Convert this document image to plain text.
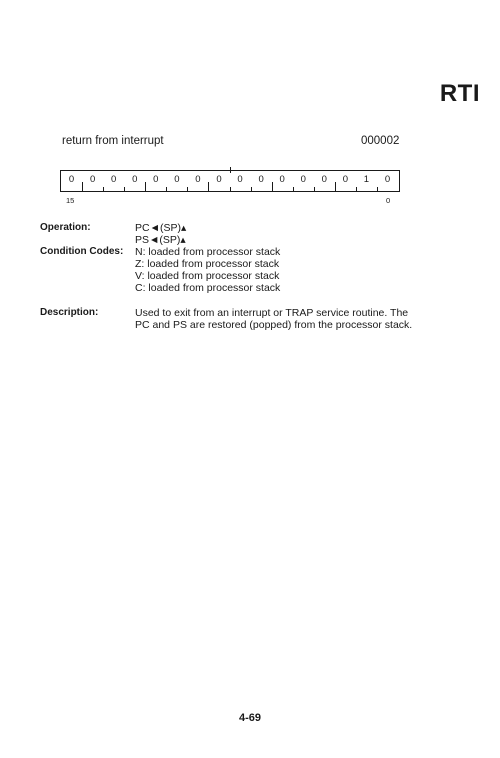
RTI
return from interrupt	000002
0	0	0	0	0	0	0	0	0	0	0	0	0	0	1	0
15	0
Operation:	PC◄(SP)▴
PS◄(SP)▴
Condition Codes: N: loaded from processor stack
Z: loaded from processor stack
V: loaded from processor stack
C: loaded from processor stack
Description:	Used to exit from an interrupt or TRAP service routine. The
PC and PS are restored (popped) from the processor stack.
4-69
